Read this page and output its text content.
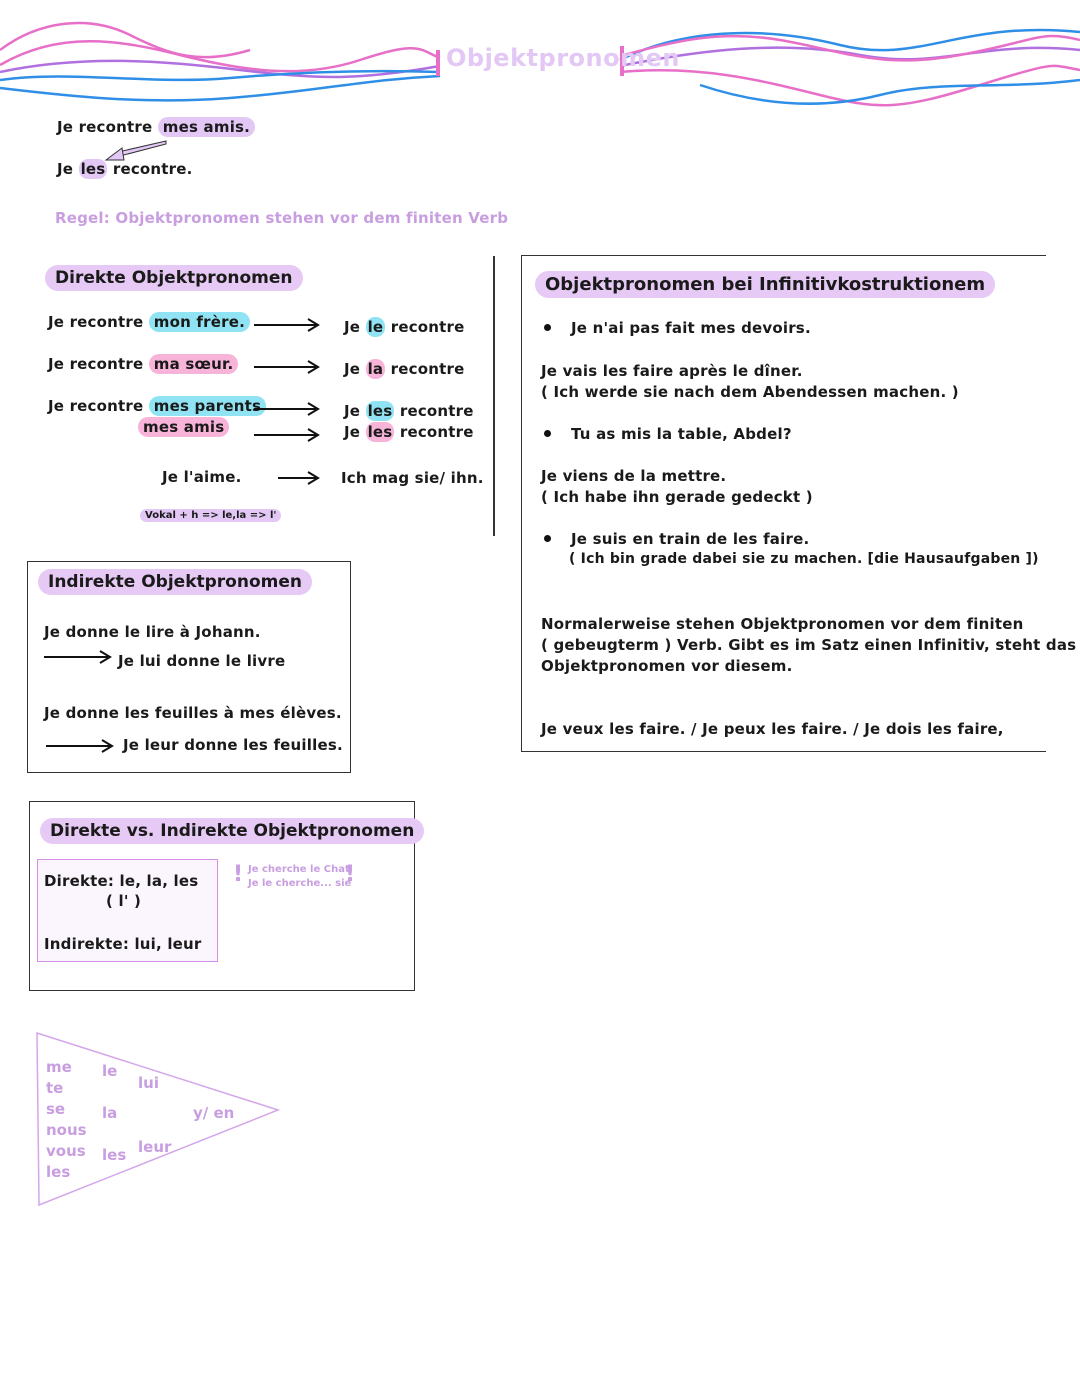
Objektpronomen
Je recontre mes amis.
Je les recontre.
Regel: Objektpronomen stehen vor dem finiten Verb
Direkte Objektpronomen
Je recontre mon frère.
Je recontre ma sœur.
Je recontre mes parents
mes amis
Je le recontre
Je la recontre
Je les recontre
Je les recontre
Je l'aime.	Ich mag sie/ ihn.
Vokal + h => le,la => l'
Indirekte Objektpronomen
Je donne le lire à Johann.
Je lui donne le livre
Je donne les feuilles à mes élèves.
Je leur donne les feuilles.
Direkte vs. Indirekte Objektpronomen
Direkte: le, la, les
( l' )
Indirekte: lui, leur
! Je cherche le Chat
Je le cherche... sie
!
me
te
se
nous
vous
les
le
la
les
lui
leur
y/ en
Objektpronomen bei Infinitivkostruktionem
Je n'ai pas fait mes devoirs.
Je vais les faire après le dîner.
( Ich werde sie nach dem Abendessen machen. )
Tu as mis la table, Abdel?
Je viens de la mettre.
( Ich habe ihn gerade gedeckt )
Je suis en train de les faire.
( Ich bin grade dabei sie zu machen. [die Hausaufgaben ])
Normalerweise stehen Objektpronomen vor dem finiten
( gebeugterm ) Verb. Gibt es im Satz einen Infinitiv, steht das
Objektpronomen vor diesem.
Je veux les faire. / Je peux les faire. / Je dois les faire,
